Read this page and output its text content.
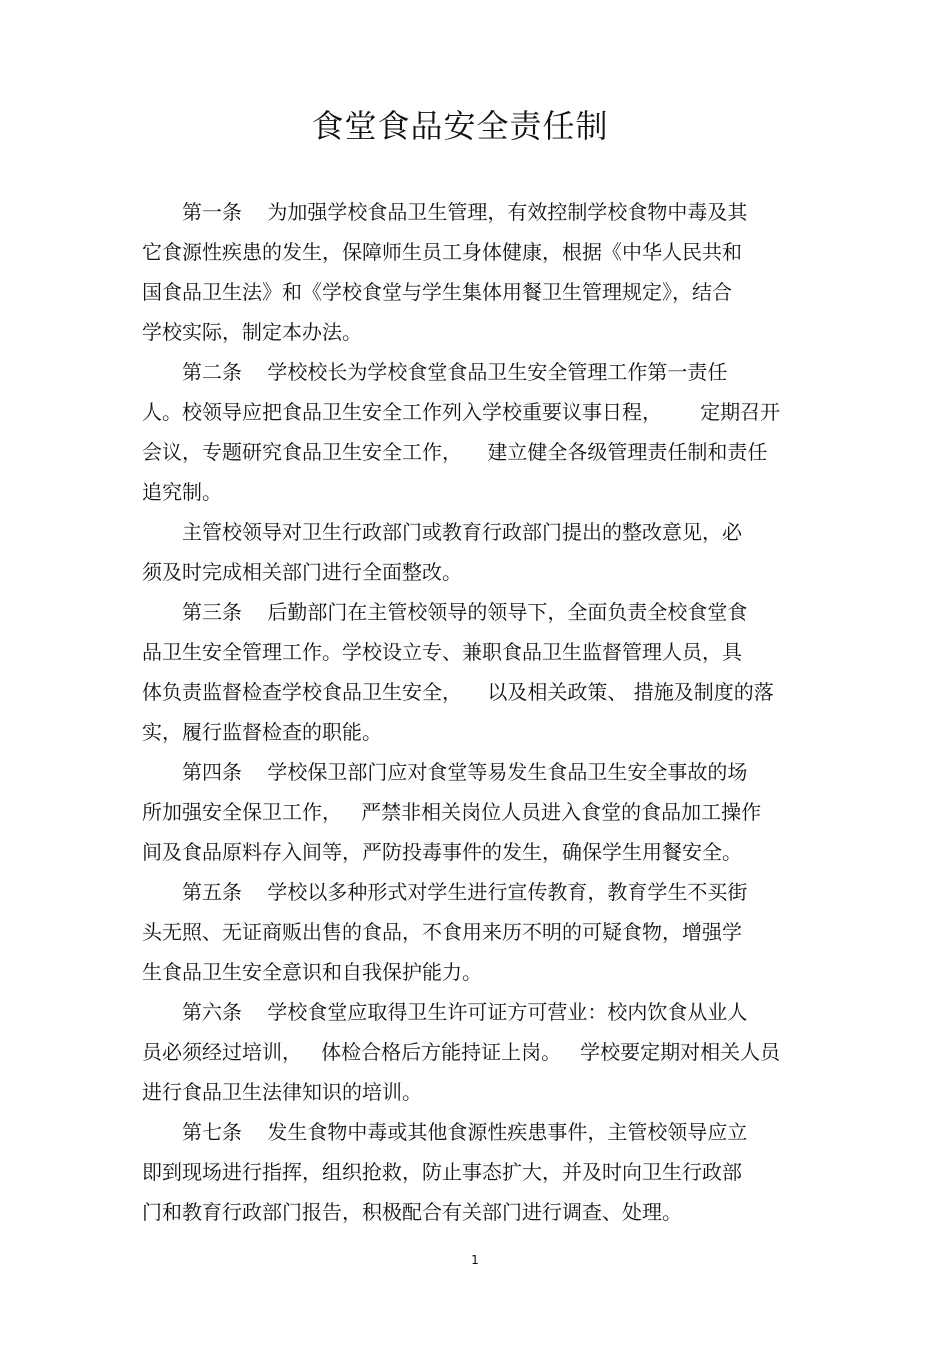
食堂食品安全责任制
第一条    为加强学校食品卫生管理，有效控制学校食物中毒及其
它食源性疾患的发生，保障师生员工身体健康，根据《中华人民共和
国食品卫生法》和《学校食堂与学生集体用餐卫生管理规定》，结合
学校实际，制定本办法。
第二条    学校校长为学校食堂食品卫生安全管理工作第一责任
人。校领导应把食品卫生安全工作列入学校重要议事日程，      定期召开
会议，专题研究食品卫生安全工作，    建立健全各级管理责任制和责任
追究制。
主管校领导对卫生行政部门或教育行政部门提出的整改意见，必
须及时完成相关部门进行全面整改。
第三条    后勤部门在主管校领导的领导下，全面负责全校食堂食
品卫生安全管理工作。学校设立专、兼职食品卫生监督管理人员，具
体负责监督检查学校食品卫生安全，    以及相关政策、 措施及制度的落
实，履行监督检查的职能。
第四条    学校保卫部门应对食堂等易发生食品卫生安全事故的场
所加强安全保卫工作，   严禁非相关岗位人员进入食堂的食品加工操作
间及食品原料存入间等，严防投毒事件的发生，确保学生用餐安全。
第五条    学校以多种形式对学生进行宣传教育，教育学生不买街
头无照、无证商贩出售的食品，不食用来历不明的可疑食物，增强学
生食品卫生安全意识和自我保护能力。
第六条    学校食堂应取得卫生许可证方可营业：校内饮食从业人
员必须经过培训，   体检合格后方能持证上岗。   学校要定期对相关人员
进行食品卫生法律知识的培训。
第七条    发生食物中毒或其他食源性疾患事件，主管校领导应立
即到现场进行指挥，组织抢救，防止事态扩大，并及时向卫生行政部
门和教育行政部门报告，积极配合有关部门进行调查、处理。
1
